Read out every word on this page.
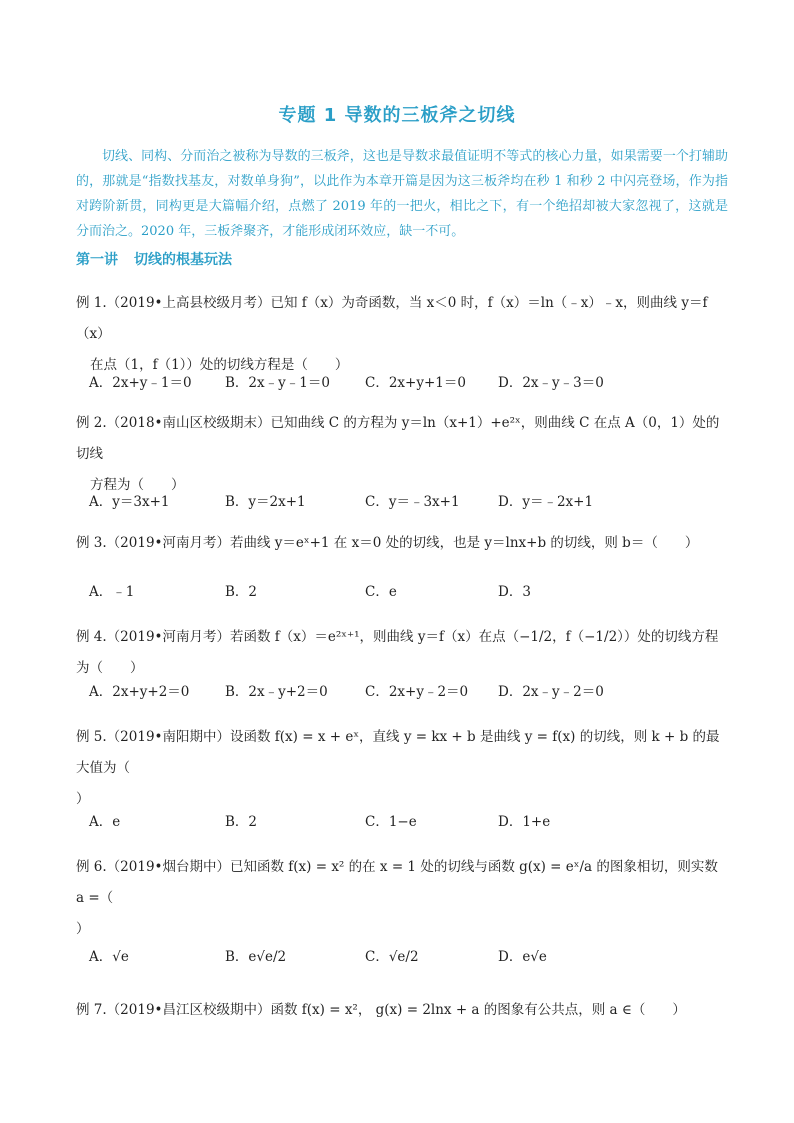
专题 1 导数的三板斧之切线
切线、同构、分而治之被称为导数的三板斧，这也是导数求最值证明不等式的核心力量，如果需要一个打辅助的，那就是“指数找基友，对数单身狗”，以此作为本章开篇是因为这三板斧均在秒 1 和秒 2 中闪亮登场，作为指对跨阶新贯，同构更是大篇幅介绍，点燃了 2019 年的一把火，相比之下，有一个绝招却被大家忽视了，这就是分而治之。2020 年，三板斧聚齐，才能形成闭环效应，缺一不可。
第一讲 切线的根基玩法
例 1.（2019•上高县校级月考）已知 f（x）为奇函数，当 x＜0 时，f（x）＝ln（﹣x）﹣x，则曲线 y＝f（x）
在点（1，f（1））处的切线方程是（　　）
A．2x+y﹣1＝0 B．2x﹣y﹣1＝0	C．2x+y+1＝0 D．2x﹣y﹣3＝0
例 2.（2018•南山区校级期末）已知曲线 C 的方程为 y＝ln（x+1）+e²ˣ，则曲线 C 在点 A（0，1）处的切线
方程为（　　）
A．y＝3x+1	B．y＝2x+1	C．y＝﹣3x+1	D．y＝﹣2x+1
例 3.（2019•河南月考）若曲线 y＝eˣ+1 在 x＝0 处的切线，也是 y＝lnx+b 的切线，则 b＝（　　）
A．﹣1	B．2	C．e	D．3
例 4.（2019•河南月考）若函数 f（x）＝e²ˣ⁺¹，则曲线 y＝f（x）在点（−1/2，f（−1/2））处的切线方程为（　　）
A．2x+y+2＝0	B．2x﹣y+2＝0	C．2x+y﹣2＝0 D．2x﹣y﹣2＝0
例 5.（2019•南阳期中）设函数 f(x) = x + eˣ，直线 y = kx + b 是曲线 y = f(x) 的切线，则 k + b 的最大值为（
）
A．e	B．2	C．1−e	D．1+e
例 6.（2019•烟台期中）已知函数 f(x) = x² 的在 x = 1 处的切线与函数 g(x) = eˣ/a 的图象相切，则实数 a =（
）
A．√e	B．e√e/2	C．√e/2	D．e√e
例 7.（2019•昌江区校级期中）函数 f(x) = x²， g(x) = 2lnx + a 的图象有公共点，则 a ∈（　　）
